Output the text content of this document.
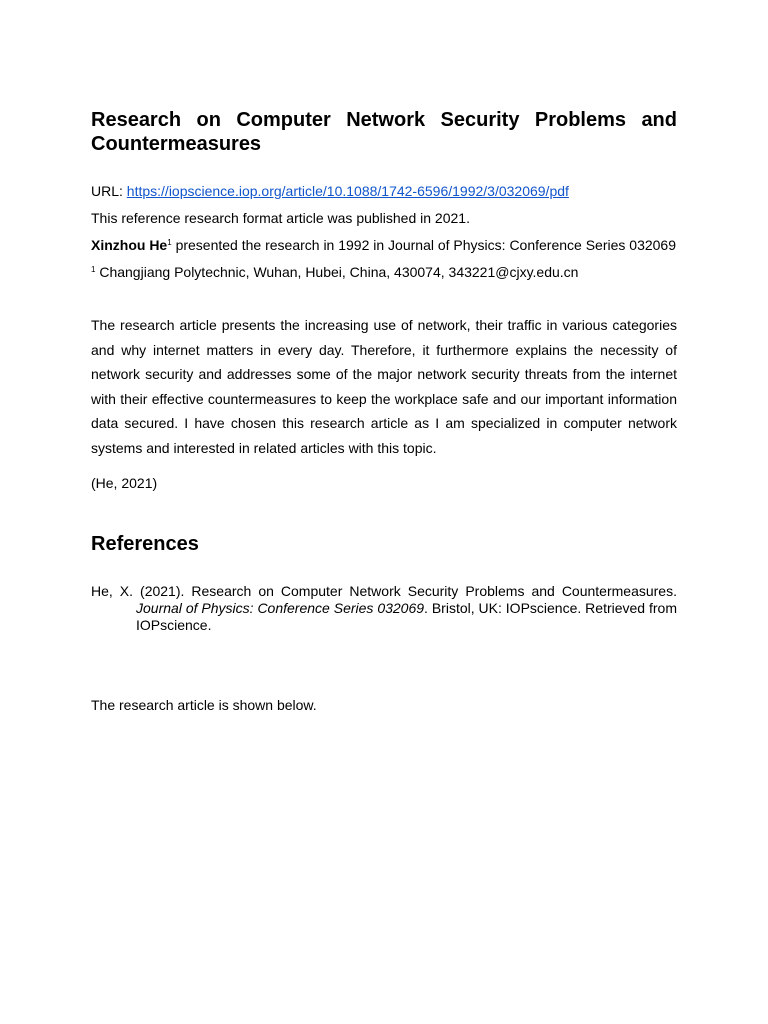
Research on Computer Network Security Problems and Countermeasures
URL: https://iopscience.iop.org/article/10.1088/1742-6596/1992/3/032069/pdf
This reference research format article was published in 2021.
Xinzhou He$^1$ presented the research in 1992 in Journal of Physics: Conference Series 032069
$^1$ Changjiang Polytechnic, Wuhan, Hubei, China, 430074, 343221@cjxy.edu.cn
The research article presents the increasing use of network, their traffic in various categories and why internet matters in every day. Therefore, it furthermore explains the necessity of network security and addresses some of the major network security threats from the internet with their effective countermeasures to keep the workplace safe and our important information data secured. I have chosen this research article as I am specialized in computer network systems and interested in related articles with this topic.
(He, 2021)
References
He, X. (2021). Research on Computer Network Security Problems and Countermeasures. Journal of Physics: Conference Series 032069. Bristol, UK: IOPscience. Retrieved from IOPscience.
The research article is shown below.
